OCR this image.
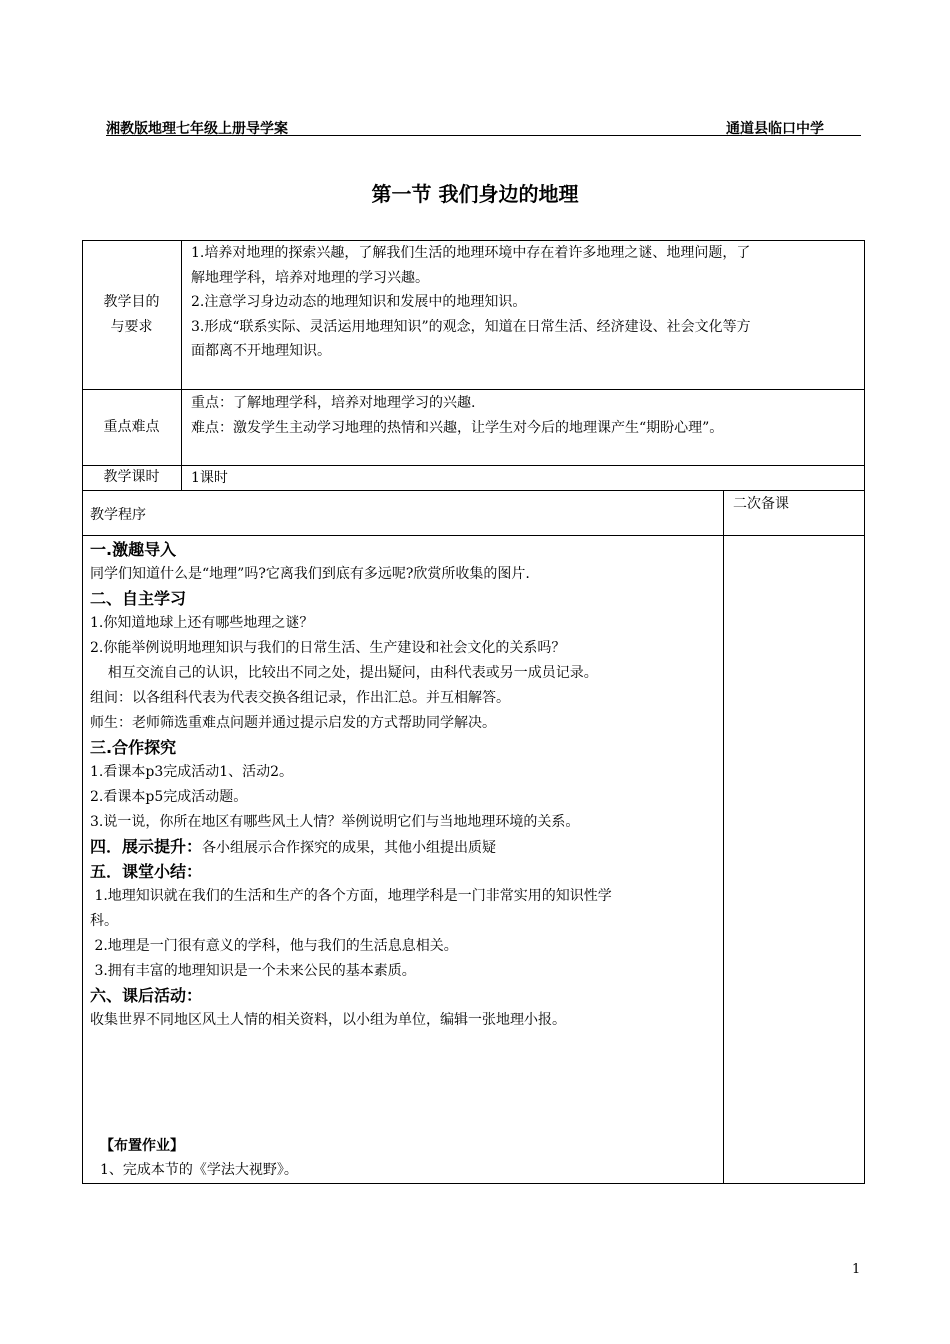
湘教版地理七年级上册导学案	通道县临口中学
第一节 我们身边的地理
教学目的
与要求

1.培养对地理的探索兴趣，了解我们生活的地理环境中存在着许多地理之谜、地理问题，了

解地理学科，培养对地理的学习兴趣。

2.注意学习身边动态的地理知识和发展中的地理知识。

3.形成“联系实际、灵活运用地理知识”的观念，知道在日常生活、经济建设、社会文化等方

面都离不开地理知识。

重点难点

重点：了解地理学科，培养对地理学习的兴趣.

难点：激发学生主动学习地理的热情和兴趣，让学生对今后的地理课产生“期盼心理”。

教学课时	1课时
教学程序
二次备课
一.激趣导入

同学们知道什么是“地理”吗?它离我们到底有多远呢?欣赏所收集的图片.

二、自主学习

1.你知道地球上还有哪些地理之谜？

2.你能举例说明地理知识与我们的日常生活、生产建设和社会文化的关系吗？

相互交流自己的认识，比较出不同之处，提出疑问，由科代表或另一成员记录。

组间：以各组科代表为代表交换各组记录，作出汇总。并互相解答。

师生：老师筛选重难点问题并通过提示启发的方式帮助同学解决。

三.合作探究

1.看课本p3完成活动1、活动2。

2.看课本p5完成活动题。

3.说一说，你所在地区有哪些风土人情？举例说明它们与当地地理环境的关系。

四．展示提升：各小组展示合作探究的成果，其他小组提出质疑
五．课堂小结：

1.地理知识就在我们的生活和生产的各个方面，地理学科是一门非常实用的知识性学

科。

2.地理是一门很有意义的学科，他与我们的生活息息相关。

3.拥有丰富的地理知识是一个未来公民的基本素质。

六、课后活动：

收集世界不同地区风土人情的相关资料，以小组为单位，编辑一张地理小报。

【布置作业】

1、完成本节的《学法大视野》。

1
